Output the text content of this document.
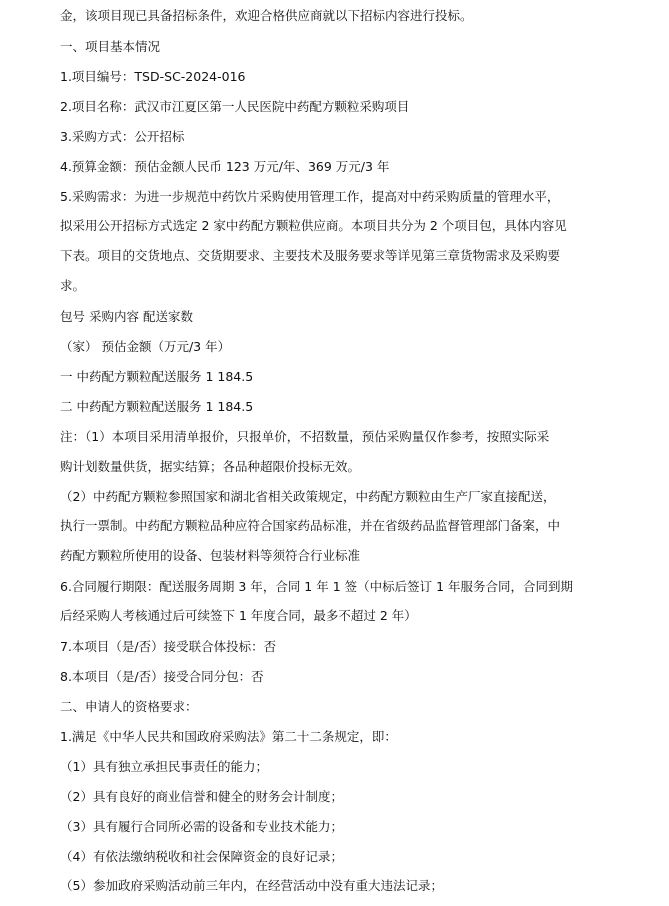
金，该项目现已具备招标条件，欢迎合格供应商就以下招标内容进行投标。
一、项目基本情况
1.项目编号：TSD-SC-2024-016
2.项目名称：武汉市江夏区第一人民医院中药配方颗粒采购项目
3.采购方式：公开招标
4.预算金额：预估金额人民币 123 万元/年、369 万元/3 年
5.采购需求：为进一步规范中药饮片采购使用管理工作，提高对中药采购质量的管理水平，
拟采用公开招标方式选定 2 家中药配方颗粒供应商。本项目共分为 2 个项目包，具体内容见
下表。项目的交货地点、交货期要求、主要技术及服务要求等详见第三章货物需求及采购要
求。
包号 采购内容 配送家数
（家） 预估金额（万元/3 年）
一 中药配方颗粒配送服务 1 184.5
二 中药配方颗粒配送服务 1 184.5
注：（1）本项目采用清单报价，只报单价，不招数量，预估采购量仅作参考，按照实际采
购计划数量供货，据实结算；各品种超限价投标无效。
（2）中药配方颗粒参照国家和湖北省相关政策规定，中药配方颗粒由生产厂家直接配送，
执行一票制。中药配方颗粒品种应符合国家药品标准，并在省级药品监督管理部门备案，中
药配方颗粒所使用的设备、包装材料等须符合行业标准
6.合同履行期限：配送服务周期 3 年，合同 1 年 1 签（中标后签订 1 年服务合同，合同到期
后经采购人考核通过后可续签下 1 年度合同，最多不超过 2 年）
7.本项目（是/否）接受联合体投标：否
8.本项目（是/否）接受合同分包：否
二、申请人的资格要求：
1.满足《中华人民共和国政府采购法》第二十二条规定，即：
（1）具有独立承担民事责任的能力；
（2）具有良好的商业信誉和健全的财务会计制度；
（3）具有履行合同所必需的设备和专业技术能力；
（4）有依法缴纳税收和社会保障资金的良好记录；
（5）参加政府采购活动前三年内，在经营活动中没有重大违法记录；
